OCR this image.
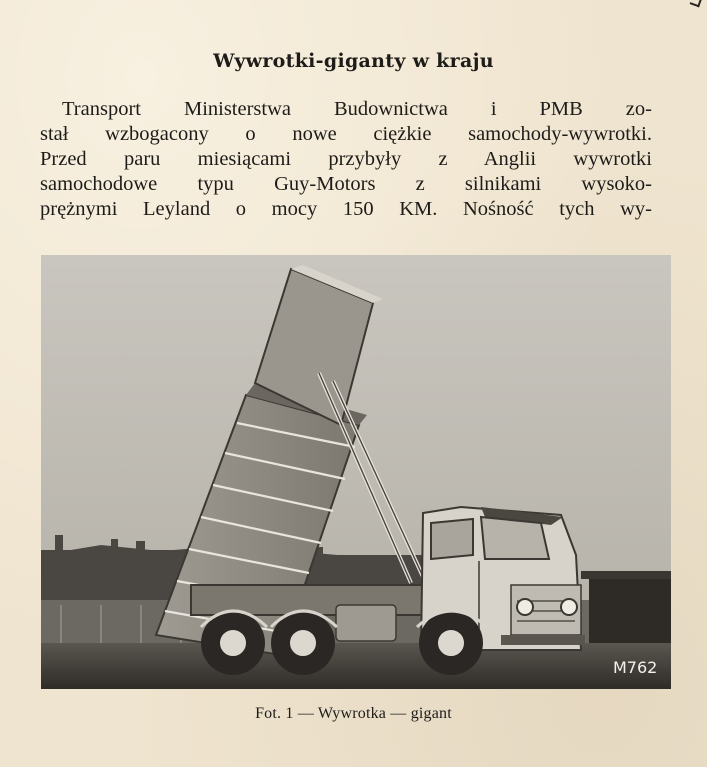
Wywrotki-giganty w kraju
Transport Ministerstwa Budownictwa i PMB zo-
stał wzbogacony o nowe ciężkie samochody-wywrotki.
Przed paru miesiącami przybyły z Anglii wywrotki
samochodowe typu Guy-Motors z silnikami wysoko-
prężnymi Leyland o mocy 150 KM. Nośność tych wy-
M762
Fot. 1 — Wywrotka — gigant
